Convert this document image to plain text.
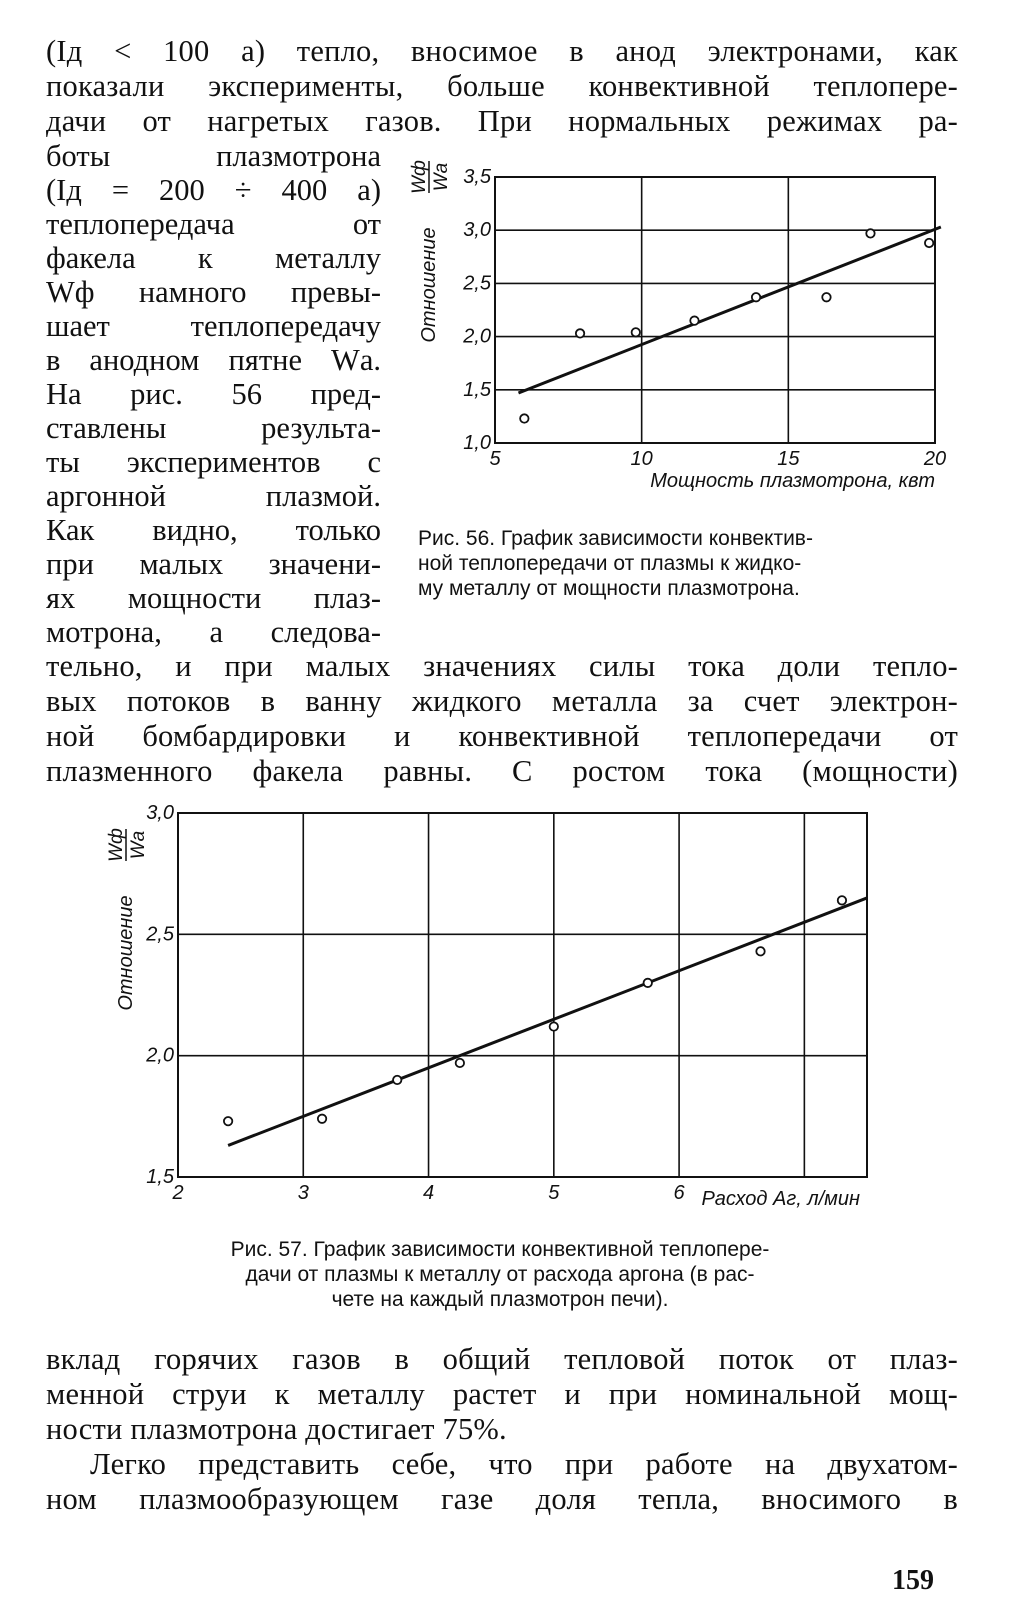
(Iд < 100 а) тепло, вносимое в анод электронами, как
показали эксперименты, больше конвективной теплопере-
дачи от нагретых газов. При нормальных режимах ра-
боты плазмотрона
(Iд = 200 ÷ 400 а)
теплопередача от
факела к металлу
Wф намного превы-
шает теплопередачу
в анодном пятне Wа.
На рис. 56 пред-
ставлены результа-
ты экспериментов с
аргонной плазмой.
Как видно, только
при малых значени-
ях мощности плаз-
мотрона, а следова-
1,0
1,5
2,0
2,5
3,0
3,5
5	10	15	20
Мощность плазмотрона, квт
Отношение
Wф Wа
Рис. 56. График зависимости конвектив-
ной теплопередачи от плазмы к жидко-
му металлу от мощности плазмотрона.
тельно, и при малых значениях силы тока доли тепло-
вых потоков в ванну жидкого металла за счет электрон-
ной бомбардировки и конвективной теплопередачи от
плазменного факела равны. С ростом тока (мощности)
1,5
2,0
2,5
3,0
2	3	4	5	6 Расход Аг, л/мин
Отношение
Wф Wа
Рис. 57. График зависимости конвективной теплопере-
дачи от плазмы к металлу от расхода аргона (в рас-
чете на каждый плазмотрон печи).
вклад горячих газов в общий тепловой поток от плаз-
менной струи к металлу растет и при номинальной мощ-
ности плазмотрона достигает 75%.
Легко представить себе, что при работе на двухатом-
ном плазмообразующем газе доля тепла, вносимого в
159
